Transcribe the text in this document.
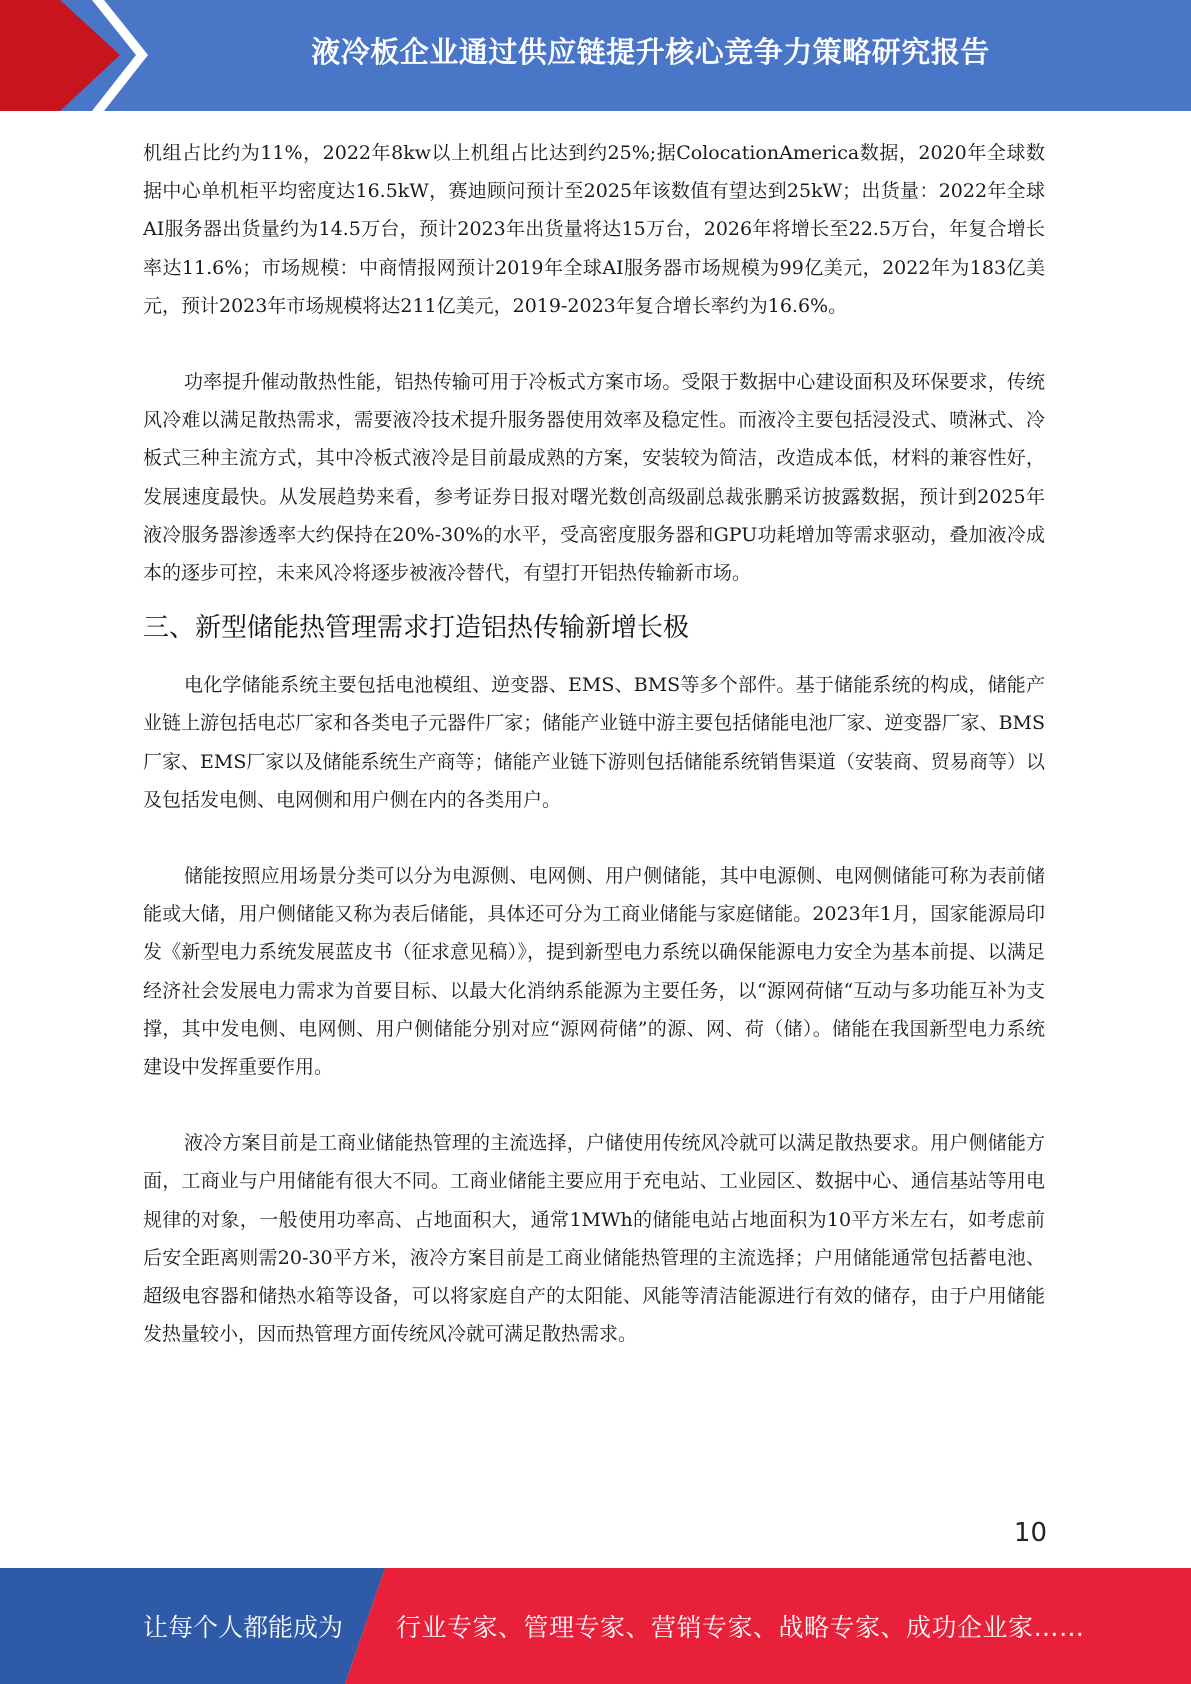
液冷板企业通过供应链提升核心竞争力策略研究报告

机组占比约为11%，2022年8kw以上机组占比达到约25%;据ColocationAmerica数据，2020年全球数据中心单机柜平均密度达16.5kW，赛迪顾问预计至2025年该数值有望达到25kW；出货量：2022年全球AI服务器出货量约为14.5万台，预计2023年出货量将达15万台，2026年将增长至22.5万台，年复合增长率达11.6%；市场规模：中商情报网预计2019年全球AI服务器市场规模为99亿美元，2022年为183亿美元，预计2023年市场规模将达211亿美元，2019-2023年复合增长率约为16.6%。

功率提升催动散热性能，铝热传输可用于冷板式方案市场。受限于数据中心建设面积及环保要求，传统风冷难以满足散热需求，需要液冷技术提升服务器使用效率及稳定性。而液冷主要包括浸没式、喷淋式、冷板式三种主流方式，其中冷板式液冷是目前最成熟的方案，安装较为简洁，改造成本低，材料的兼容性好，发展速度最快。从发展趋势来看，参考证券日报对曙光数创高级副总裁张鹏采访披露数据，预计到2025年液冷服务器渗透率大约保持在20%-30%的水平，受高密度服务器和GPU功耗增加等需求驱动，叠加液冷成本的逐步可控，未来风冷将逐步被液冷替代，有望打开铝热传输新市场。

三、新型储能热管理需求打造铝热传输新增长极

电化学储能系统主要包括电池模组、逆变器、EMS、BMS等多个部件。基于储能系统的构成，储能产业链上游包括电芯厂家和各类电子元器件厂家；储能产业链中游主要包括储能电池厂家、逆变器厂家、BMS厂家、EMS厂家以及储能系统生产商等；储能产业链下游则包括储能系统销售渠道（安装商、贸易商等）以及包括发电侧、电网侧和用户侧在内的各类用户。

储能按照应用场景分类可以分为电源侧、电网侧、用户侧储能，其中电源侧、电网侧储能可称为表前储能或大储，用户侧储能又称为表后储能，具体还可分为工商业储能与家庭储能。2023年1月，国家能源局印发《新型电力系统发展蓝皮书（征求意见稿）》，提到新型电力系统以确保能源电力安全为基本前提、以满足经济社会发展电力需求为首要目标、以最大化消纳系能源为主要任务，以“源网荷储“互动与多功能互补为支撑，其中发电侧、电网侧、用户侧储能分别对应“源网荷储”的源、网、荷（储）。储能在我国新型电力系统建设中发挥重要作用。

液冷方案目前是工商业储能热管理的主流选择，户储使用传统风冷就可以满足散热要求。用户侧储能方面，工商业与户用储能有很大不同。工商业储能主要应用于充电站、工业园区、数据中心、通信基站等用电规律的对象，一般使用功率高、占地面积大，通常1MWh的储能电站占地面积为10平方米左右，如考虑前后安全距离则需20-30平方米，液冷方案目前是工商业储能热管理的主流选择；户用储能通常包括蓄电池、超级电容器和储热水箱等设备，可以将家庭自产的太阳能、风能等清洁能源进行有效的储存，由于户用储能发热量较小，因而热管理方面传统风冷就可满足散热需求。

10
让每个人都能成为 行业专家、管理专家、营销专家、战略专家、成功企业家……
